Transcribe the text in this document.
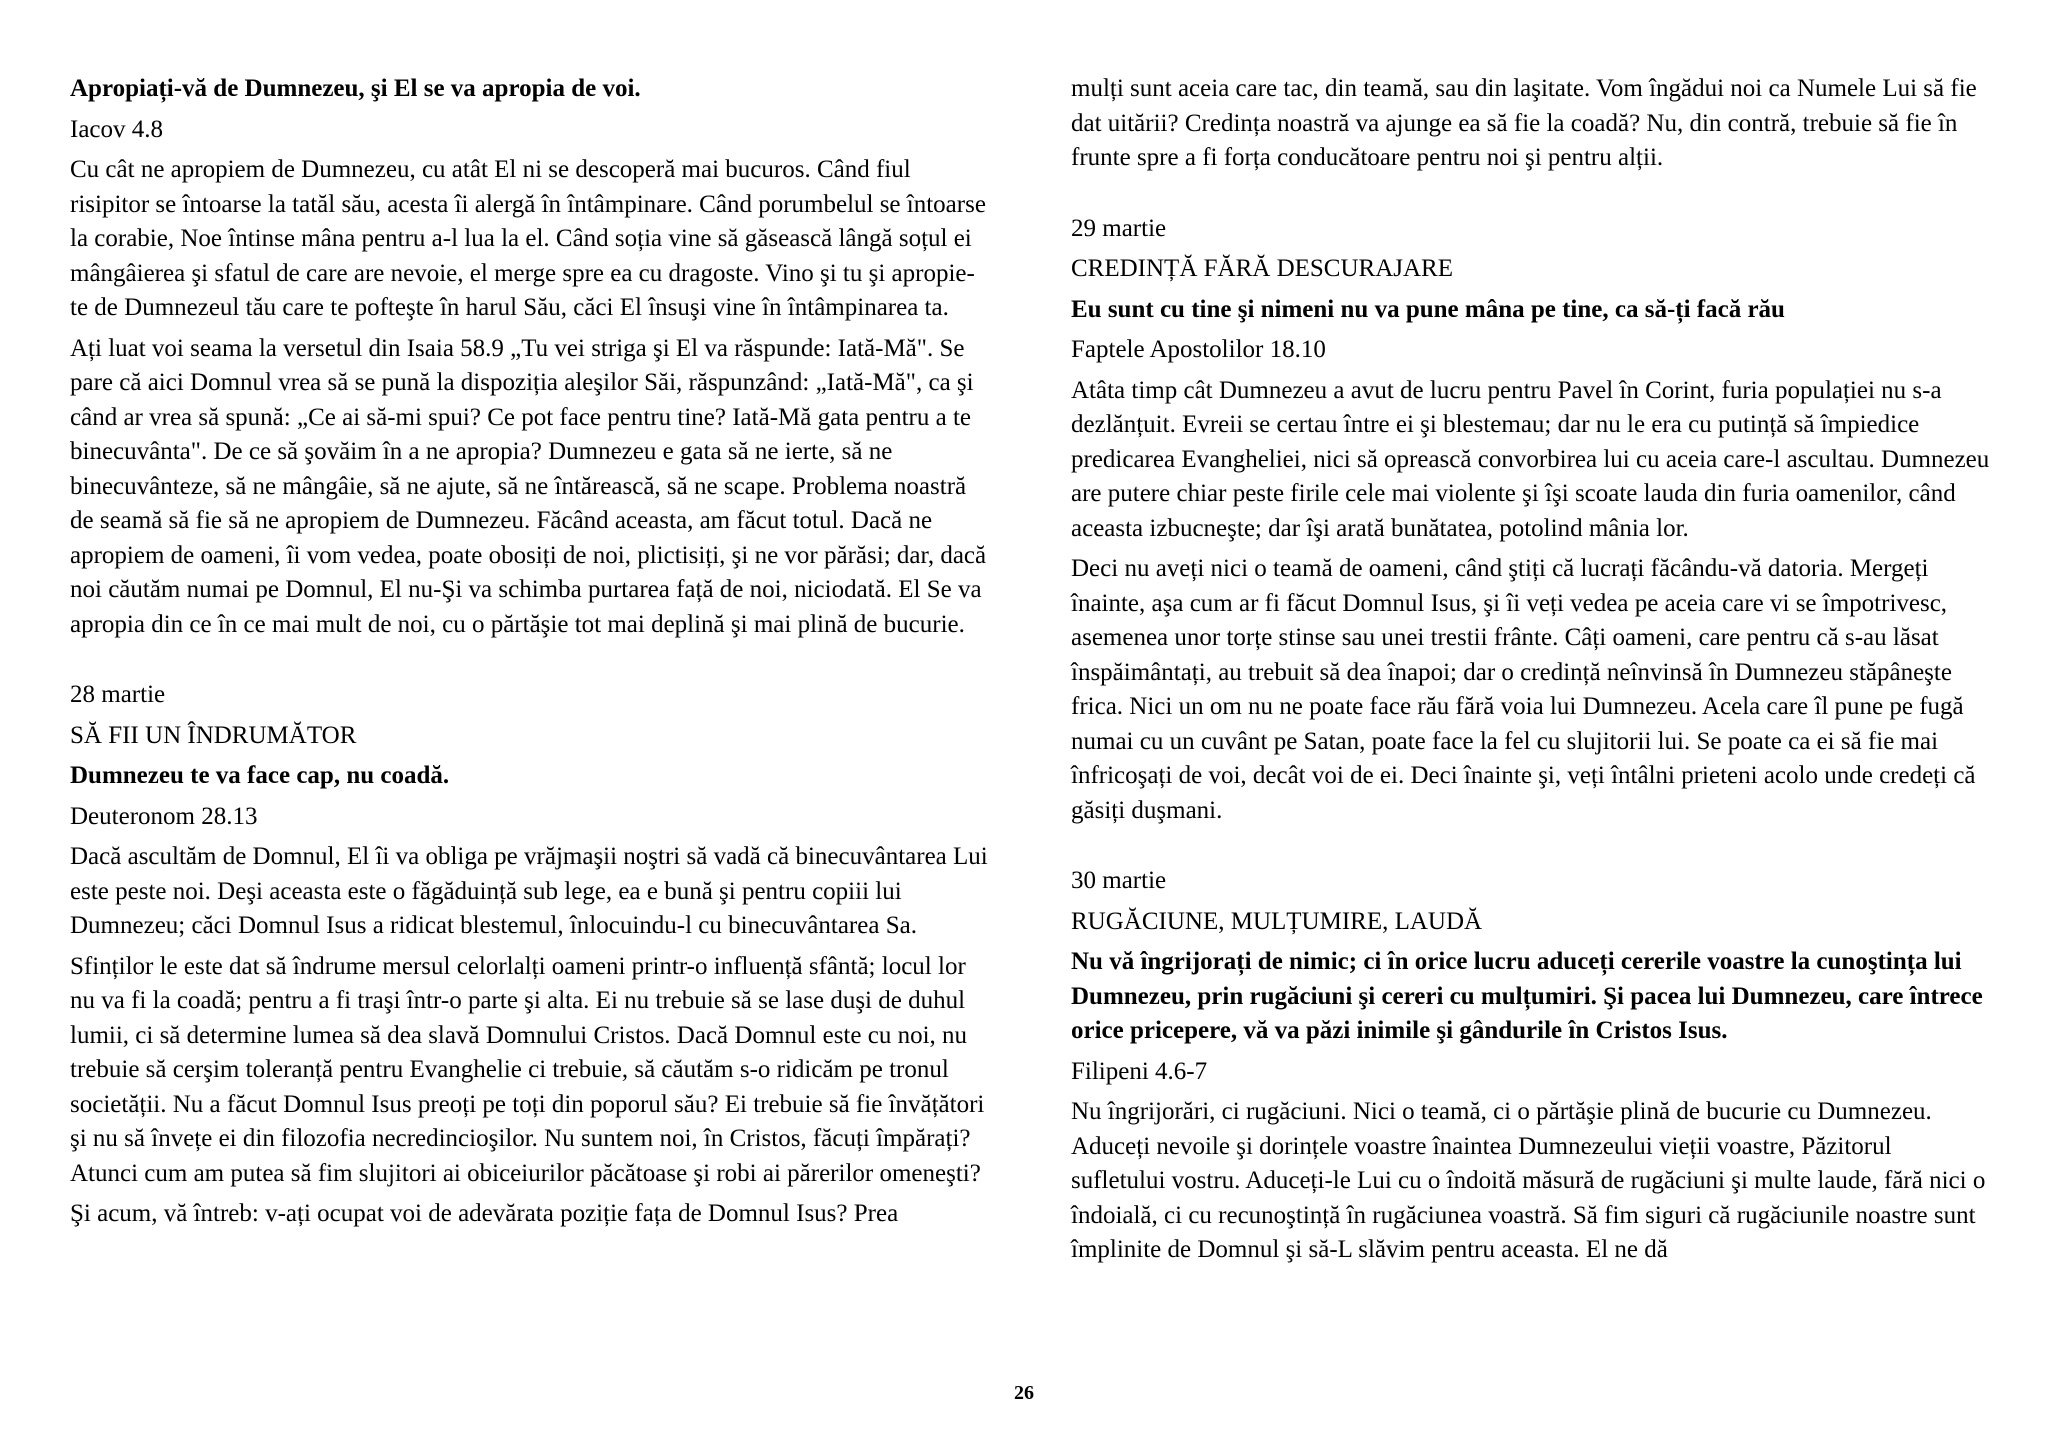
Apropiați-vă de Dumnezeu, şi El se va apropia de voi.

Iacov 4.8

Cu cât ne apropiem de Dumnezeu, cu atât El ni se descoperă mai bucuros. Când fiul risipitor se întoarse la tatăl său, acesta îi alergă în întâmpinare. Când porumbelul se întoarse la corabie, Noe întinse mâna pentru a-l lua la el. Când soția vine să găsească lângă soțul ei mângâierea şi sfatul de care are nevoie, el merge spre ea cu dragoste. Vino şi tu şi apropie-te de Dumnezeul tău care te pofteşte în harul Său, căci El însuşi vine în întâmpinarea ta.

Ați luat voi seama la versetul din Isaia 58.9 „Tu vei striga şi El va răspunde: Iată-Mă". Se pare că aici Domnul vrea să se pună la dispoziția aleşilor Săi, răspunzând: „Iată-Mă", ca şi când ar vrea să spună: „Ce ai să-mi spui? Ce pot face pentru tine? Iată-Mă gata pentru a te binecuvânta". De ce să şovăim în a ne apropia? Dumnezeu e gata să ne ierte, să ne binecuvânteze, să ne mângâie, să ne ajute, să ne întărească, să ne scape. Problema noastră de seamă să fie să ne apropiem de Dumnezeu. Făcând aceasta, am făcut totul. Dacă ne apropiem de oameni, îi vom vedea, poate obosiți de noi, plictisiți, şi ne vor părăsi; dar, dacă noi căutăm numai pe Domnul, El nu-Şi va schimba purtarea față de noi, niciodată. El Se va apropia din ce în ce mai mult de noi, cu o părtăşie tot mai deplină şi mai plină de bucurie.

28 martie

SĂ FII UN ÎNDRUMĂTOR

Dumnezeu te va face cap, nu coadă.

Deuteronom 28.13

Dacă ascultăm de Domnul, El îi va obliga pe vrăjmaşii noştri să vadă că binecuvântarea Lui este peste noi. Deşi aceasta este o făgăduință sub lege, ea e bună şi pentru copiii lui Dumnezeu; căci Domnul Isus a ridicat blestemul, înlocuindu-l cu binecuvântarea Sa.

Sfinților le este dat să îndrume mersul celorlalți oameni printr-o influență sfântă; locul lor nu va fi la coadă; pentru a fi traşi într-o parte şi alta. Ei nu trebuie să se lase duşi de duhul lumii, ci să determine lumea să dea slavă Domnului Cristos. Dacă Domnul este cu noi, nu trebuie să cerşim toleranță pentru Evanghelie ci trebuie, să căutăm s-o ridicăm pe tronul societății. Nu a făcut Domnul Isus preoți pe toți din poporul său? Ei trebuie să fie învățători şi nu să învețe ei din filozofia necredincioşilor. Nu suntem noi, în Cristos, făcuți împărați? Atunci cum am putea să fim slujitori ai obiceiurilor păcătoase şi robi ai părerilor omeneşti?

Şi acum, vă întreb: v-ați ocupat voi de adevărata poziție fața de Domnul Isus? Prea

mulți sunt aceia care tac, din teamă, sau din laşitate. Vom îngădui noi ca Numele Lui să fie dat uitării? Credința noastră va ajunge ea să fie la coadă? Nu, din contră, trebuie să fie în frunte spre a fi forța conducătoare pentru noi şi pentru alții.

29 martie

CREDINȚĂ FĂRĂ DESCURAJARE

Eu sunt cu tine şi nimeni nu va pune mâna pe tine, ca să-ți facă rău

Faptele Apostolilor 18.10

Atâta timp cât Dumnezeu a avut de lucru pentru Pavel în Corint, furia populației nu s-a dezlănțuit. Evreii se certau între ei şi blestemau; dar nu le era cu putință să împiedice predicarea Evangheliei, nici să oprească convorbirea lui cu aceia care-l ascultau. Dumnezeu are putere chiar peste firile cele mai violente şi îşi scoate lauda din furia oamenilor, când aceasta izbucneşte; dar îşi arată bunătatea, potolind mânia lor.

Deci nu aveți nici o teamă de oameni, când ştiți că lucrați făcându-vă datoria. Mergeți înainte, aşa cum ar fi făcut Domnul Isus, şi îi veți vedea pe aceia care vi se împotrivesc, asemenea unor torțe stinse sau unei trestii frânte. Câți oameni, care pentru că s-au lăsat înspăimântați, au trebuit să dea înapoi; dar o credință neînvinsă în Dumnezeu stăpâneşte frica. Nici un om nu ne poate face rău fără voia lui Dumnezeu. Acela care îl pune pe fugă numai cu un cuvânt pe Satan, poate face la fel cu slujitorii lui. Se poate ca ei să fie mai înfricoşați de voi, decât voi de ei. Deci înainte şi, veți întâlni prieteni acolo unde credeți că găsiți duşmani.

30 martie

RUGĂCIUNE, MULȚUMIRE, LAUDĂ

Nu vă îngrijorați de nimic; ci în orice lucru aduceți cererile voastre la cunoştința lui Dumnezeu, prin rugăciuni şi cereri cu mulțumiri. Şi pacea lui Dumnezeu, care întrece orice pricepere, vă va păzi inimile şi gândurile în Cristos Isus.

Filipeni 4.6-7

Nu îngrijorări, ci rugăciuni. Nici o teamă, ci o părtăşie plină de bucurie cu Dumnezeu. Aduceți nevoile şi dorințele voastre înaintea Dumnezeului vieții voastre, Păzitorul sufletului vostru. Aduceți-le Lui cu o îndoită măsură de rugăciuni şi multe laude, fără nici o îndoială, ci cu recunoştință în rugăciunea voastră. Să fim siguri că rugăciunile noastre sunt împlinite de Domnul şi să-L slăvim pentru aceasta. El ne dă

26
